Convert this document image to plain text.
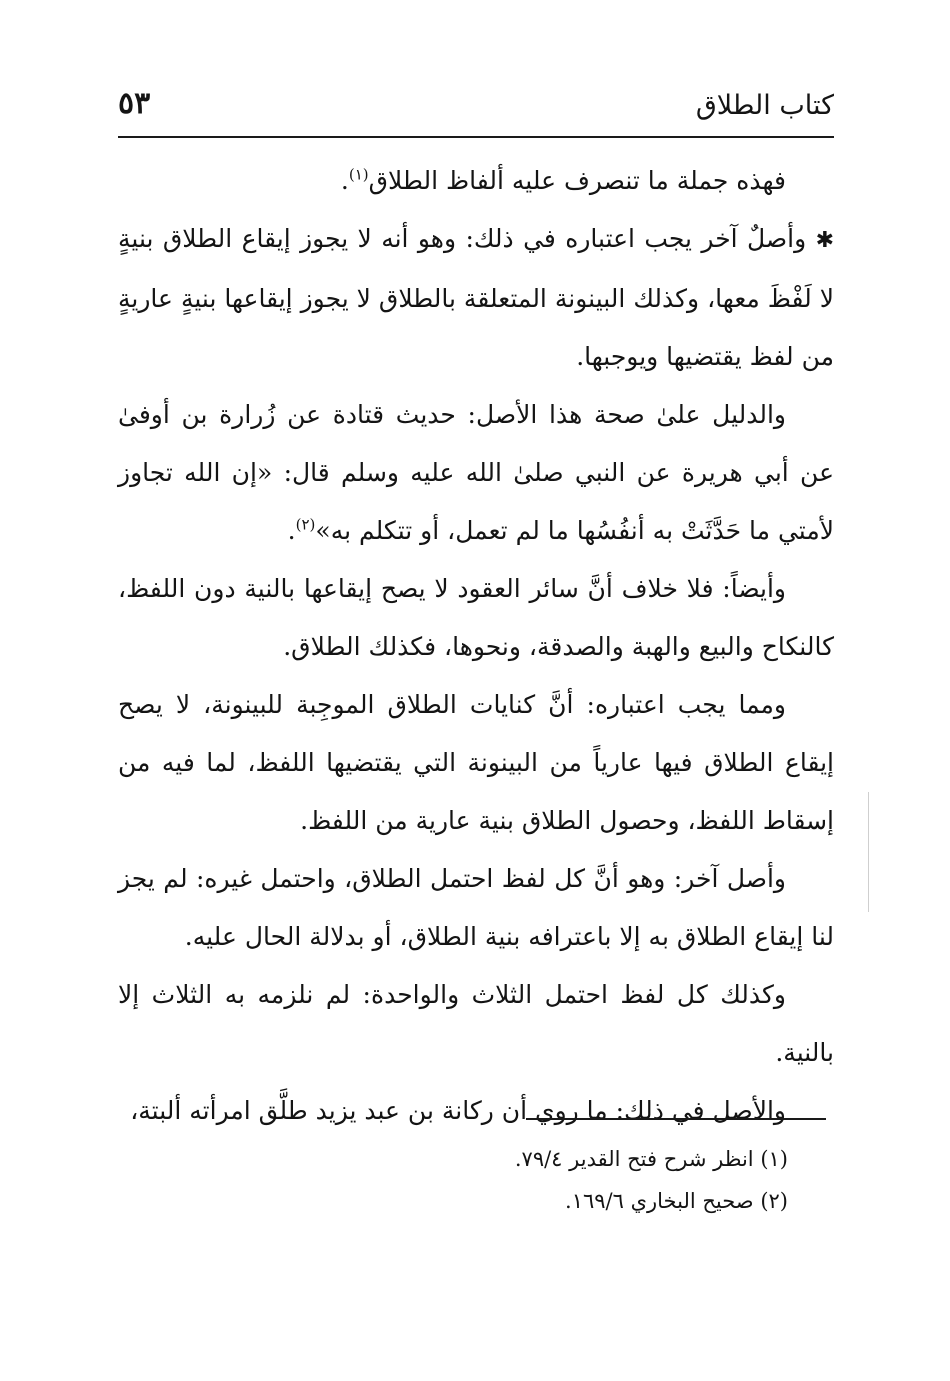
كتاب الطلاق
٥٣

فهذه جملة ما تنصرف عليه ألفاظ الطلاق$^{(١)}$.

✱ وأصلٌ آخر يجب اعتباره في ذلك: وهو أنه لا يجوز إيقاع الطلاق بنيةٍ لا لَفْظَ معها، وكذلك البينونة المتعلقة بالطلاق لا يجوز إيقاعها بنيةٍ عاريةٍ من لفظ يقتضيها ويوجبها.

والدليل علىٰ صحة هذا الأصل: حديث قتادة عن زُرارة بن أوفىٰ عن أبي هريرة عن النبي صلىٰ الله عليه وسلم قال: «إن الله تجاوز لأمتي ما حَدَّثَتْ به أنفُسُها ما لم تعمل، أو تتكلم به»$^{(٢)}$.

وأيضاً: فلا خلاف أنَّ سائر العقود لا يصح إيقاعها بالنية دون اللفظ، كالنكاح والبيع والهبة والصدقة، ونحوها، فكذلك الطلاق.

ومما يجب اعتباره: أنَّ كنايات الطلاق الموجِبة للبينونة، لا يصح إيقاع الطلاق فيها عارياً من البينونة التي يقتضيها اللفظ، لما فيه من إسقاط اللفظ، وحصول الطلاق بنية عارية من اللفظ.

وأصل آخر: وهو أنَّ كل لفظ احتمل الطلاق، واحتمل غيره: لم يجز لنا إيقاع الطلاق به إلا باعترافه بنية الطلاق، أو بدلالة الحال عليه.

وكذلك كل لفظ احتمل الثلاث والواحدة: لم نلزمه به الثلاث إلا بالنية.

والأصل في ذلك: ما روي أن ركانة بن عبد يزيد طلَّق امرأته ألبتة،

(١) انظر شرح فتح القدير ٧٩/٤.

(٢) صحيح البخاري ١٦٩/٦.
